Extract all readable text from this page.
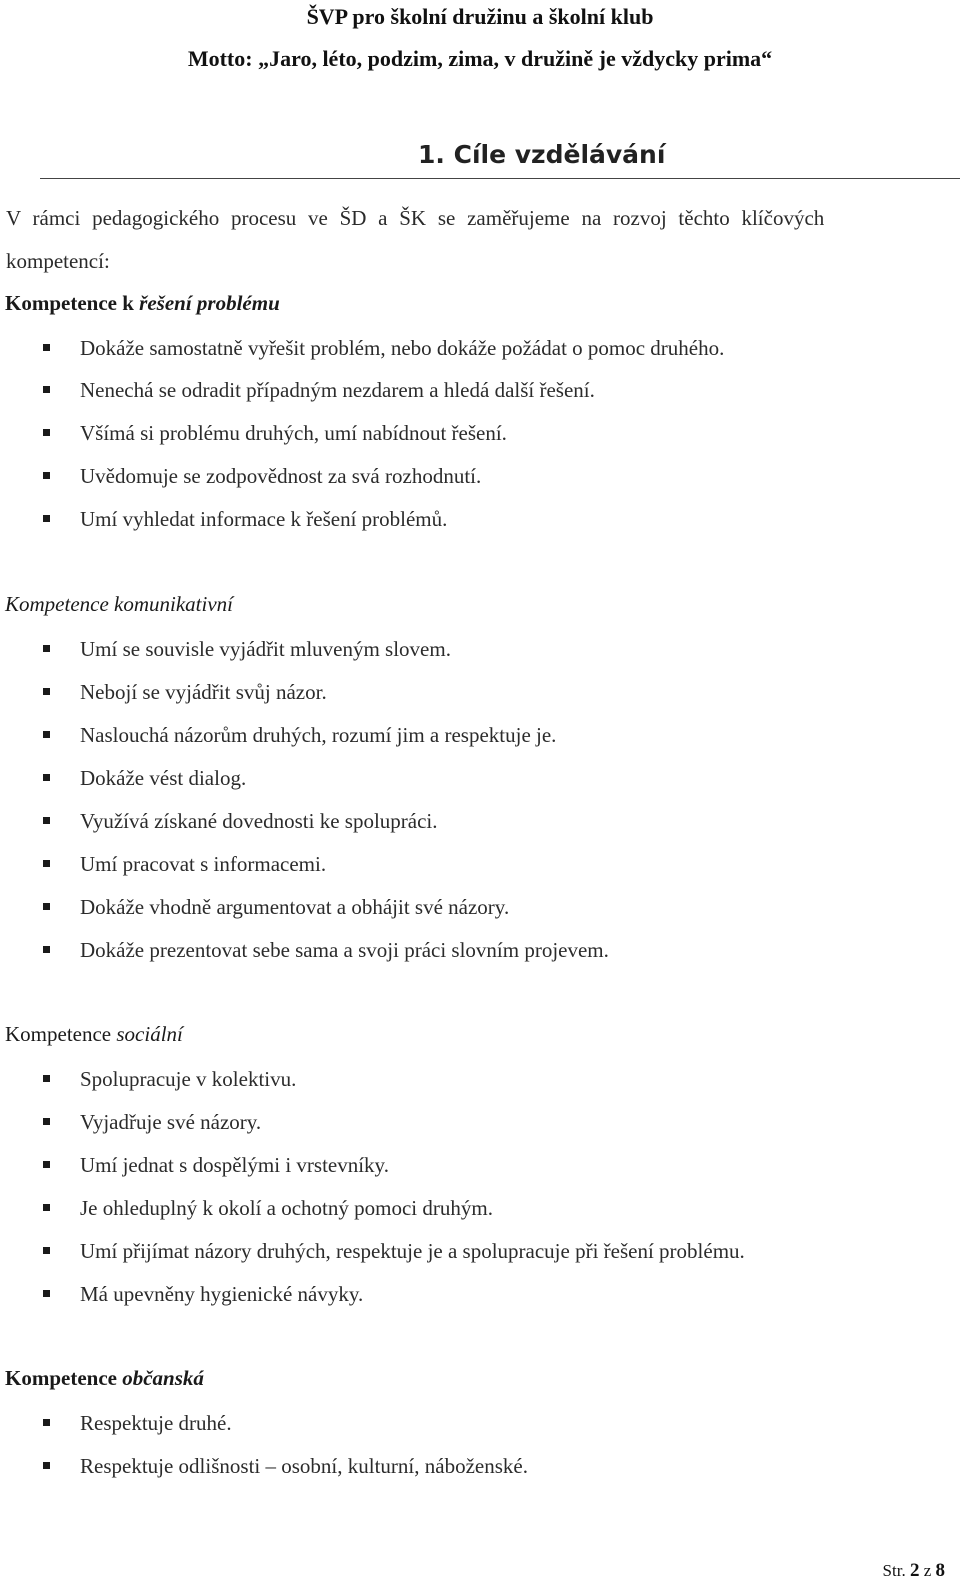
ŠVP pro školní družinu a školní klub
Motto: „Jaro, léto, podzim, zima, v družině je vždycky prima“
1. Cíle vzdělávání
V rámci pedagogického procesu ve ŠD a ŠK se zaměřujeme na rozvoj těchto klíčových
kompetencí:
Kompetence k řešení problému
Dokáže samostatně vyřešit problém, nebo dokáže požádat o pomoc druhého.
Nenechá se odradit případným nezdarem a hledá další řešení.
Všímá si problému druhých, umí nabídnout řešení.
Uvědomuje se zodpovědnost za svá rozhodnutí.
Umí vyhledat informace k řešení problémů.
Kompetence komunikativní
Umí se souvisle vyjádřit mluveným slovem.
Nebojí se vyjádřit svůj názor.
Naslouchá názorům druhých, rozumí jim a respektuje je.
Dokáže vést dialog.
Využívá získané dovednosti ke spolupráci.
Umí pracovat s informacemi.
Dokáže vhodně argumentovat a obhájit své názory.
Dokáže prezentovat sebe sama a svoji práci slovním projevem.
Kompetence sociální
Spolupracuje v kolektivu.
Vyjadřuje své názory.
Umí jednat s dospělými i vrstevníky.
Je ohleduplný k okolí a ochotný pomoci druhým.
Umí přijímat názory druhých, respektuje je a spolupracuje při řešení problému.
Má upevněny hygienické návyky.
Kompetence občanská
Respektuje druhé.
Respektuje odlišnosti – osobní, kulturní, náboženské.
Str. 2 z 8
